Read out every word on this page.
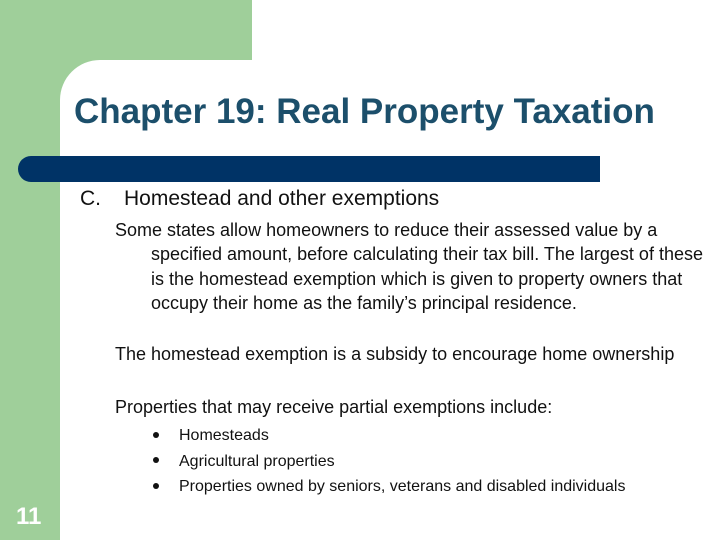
Chapter 19: Real Property Taxation
C. Homestead and other exemptions

Some states allow homeowners to reduce their assessed value by a specified amount, before calculating their tax bill. The largest of these is the homestead exemption which is given to property owners that occupy their home as the family’s principal residence.

The homestead exemption is a subsidy to encourage home ownership

Properties that may receive partial exemptions include:

Homesteads
Agricultural properties
Properties owned by seniors, veterans and disabled individuals
11
